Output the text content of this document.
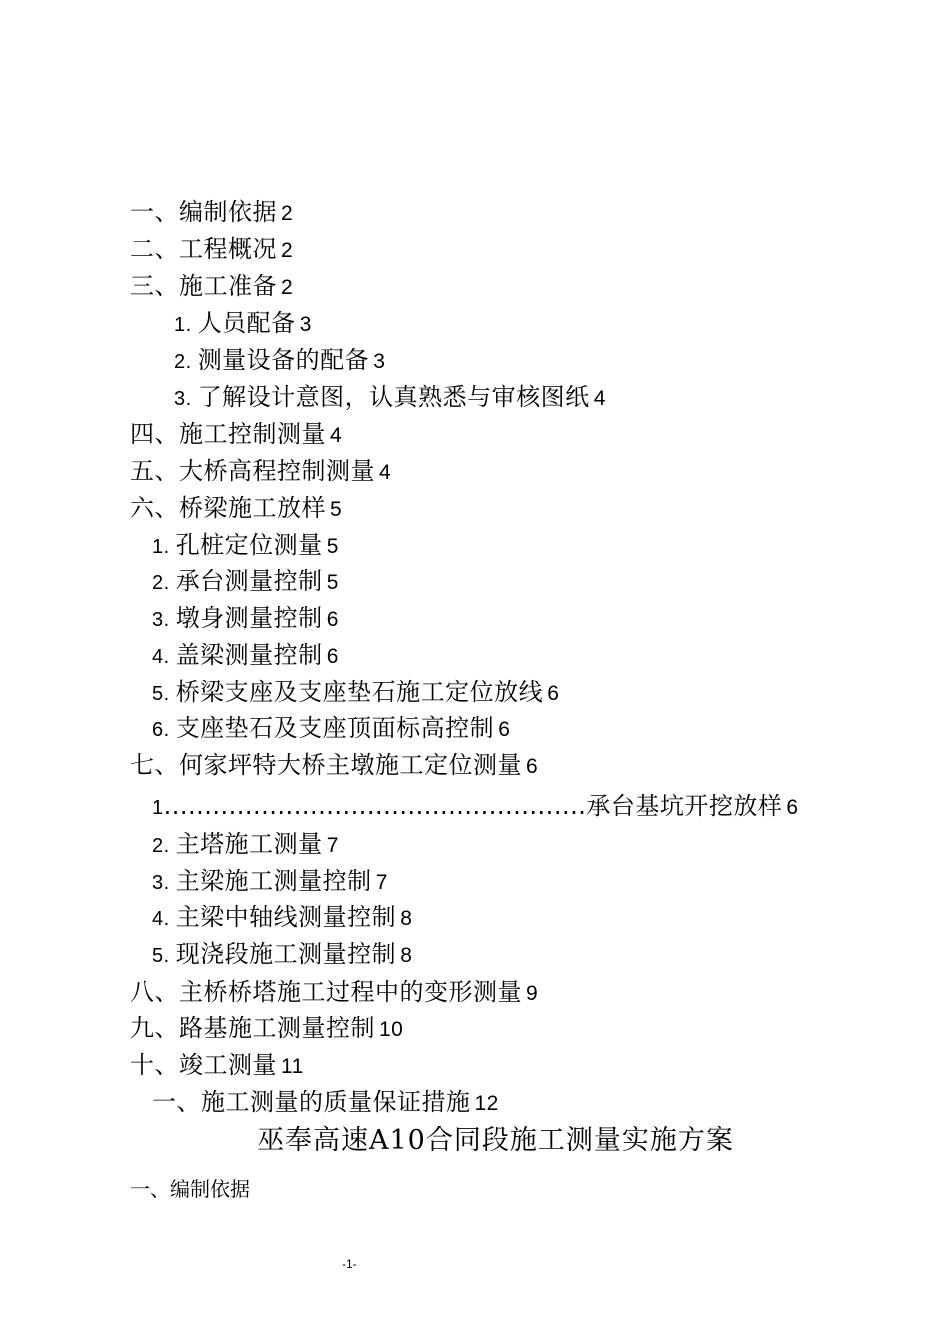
一、编制依据 2
二、工程概况 2
三、施工准备 2
1. 人员配备 3
2. 测量设备的配备 3
3. 了解设计意图，认真熟悉与审核图纸 4
四、施工控制测量 4
五、大桥高程控制测量 4
六、桥梁施工放样 5
1. 孔桩定位测量 5
2. 承台测量控制 5
3. 墩身测量控制 6
4. 盖梁测量控制 6
5. 桥梁支座及支座垫石施工定位放线 6
6. 支座垫石及支座顶面标高控制 6
七、何家坪特大桥主墩施工定位测量 6
1....................................................承台基坑开挖放样 6
2. 主塔施工测量 7
3. 主梁施工测量控制 7
4. 主梁中轴线测量控制 8
5. 现浇段施工测量控制 8
八、主桥桥塔施工过程中的变形测量 9
九、路基施工测量控制 10
十、竣工测量 11
一、施工测量的质量保证措施 12
巫奉高速A10合同段施工测量实施方案
一、编制依据
-1-
